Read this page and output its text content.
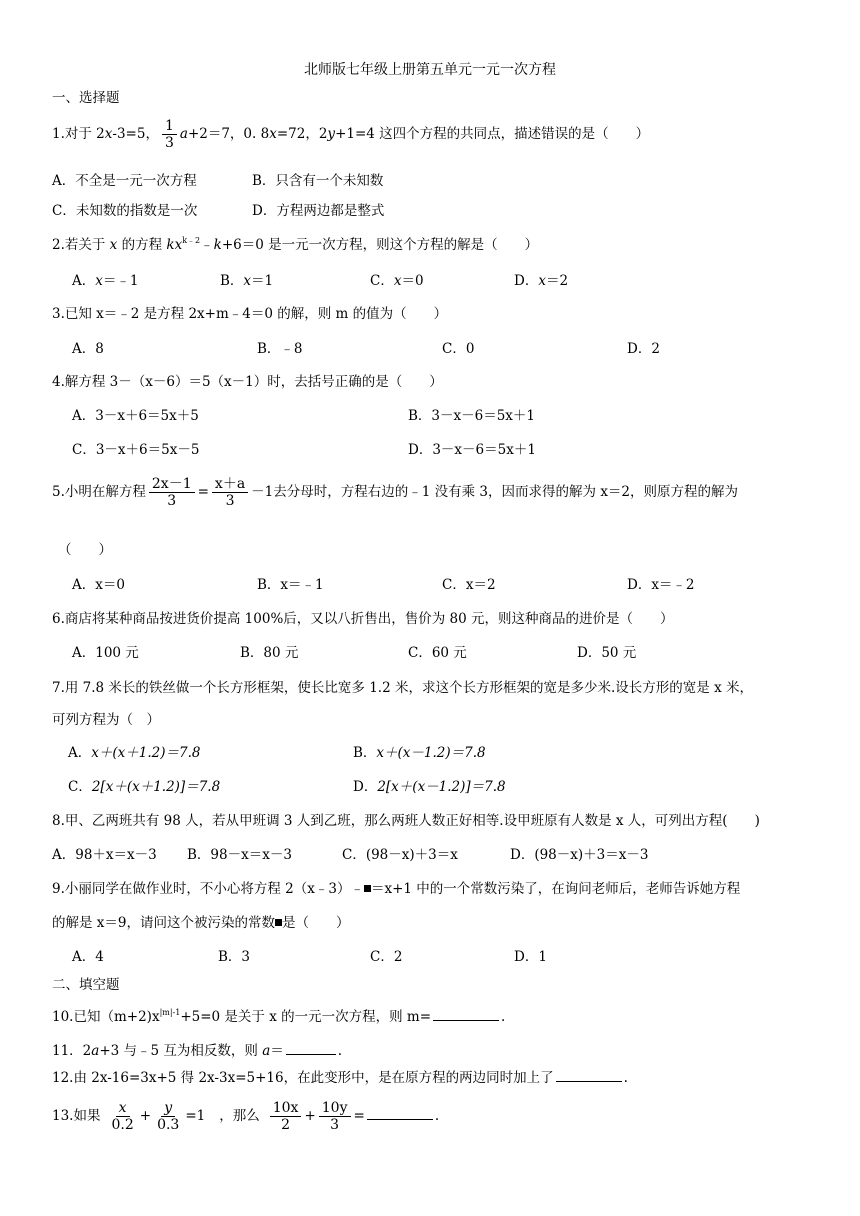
北师版七年级上册第五单元一元一次方程
一、选择题
1.对于 2x-3=5， $\frac{1}{3} a+2=7$，0. 8x=72，2y+1=4 这四个方程的共同点，描述错误的是（　　）
A．不全是一元一次方程	B．只含有一个未知数
C．未知数的指数是一次	D．方程两边都是整式
2.若关于 x 的方程 $kx^{k﹣2}﹣k+6=0$ 是一元一次方程，则这个方程的解是（　　）
A．x＝﹣1	B．x＝1	C．x＝0	D．x＝2
3.已知 x＝﹣2 是方程 2x+m﹣4＝0 的解，则 m 的值为（　　）
A．8	B．﹣8	C．0	D．2
4.解方程 3－（x－6）＝5（x－1）时，去括号正确的是（　　）
A．3－x＋6＝5x＋5	B．3－x－6＝5x＋1
C．3－x＋6＝5x－5	D．3－x－6＝5x＋1
5.小明在解方程 $\frac{2x-1}{3} = \frac{x+a}{3} -1$去分母时，方程右边的﹣1 没有乘 3，因而求得的解为 x＝2，则原方程的解为
（　　）
A．x＝0	B．x＝﹣1	C．x＝2	D．x＝﹣2
6.商店将某种商品按进货价提高 100%后，又以八折售出，售价为 80 元，则这种商品的进价是（　　）
A．100 元	B．80 元	C．60 元	D．50 元
7.用 7.8 米长的铁丝做一个长方形框架，使长比宽多 1.2 米，求这个长方形框架的宽是多少米.设长方形的宽是 x 米，
可列方程为（　）
A．x＋(x＋1.2)＝7.8	B．x＋(x－1.2)＝7.8
C．2[x＋(x＋1.2)]＝7.8	D．2[x＋(x－1.2)]＝7.8
8.甲、乙两班共有 98 人，若从甲班调 3 人到乙班，那么两班人数正好相等.设甲班原有人数是 x 人，可列出方程(　　)
A．98＋x＝x－3 B．98－x＝x－3	C．(98－x)＋3＝x	D．(98－x)＋3＝x－3
9.小丽同学在做作业时，不小心将方程 2（x﹣3）﹣ ＝x+1 中的一个常数污染了，在询问老师后，老师告诉她方程
的解是 x＝9，请问这个被污染的常数 是（　　）
A．4	B．3	C．2	D．1
二、填空题
10.已知$(m+2)x^{|m|-1}+5=0$ 是关于 x 的一元一次方程，则 m=	.
11．2a+3 与﹣5 互为相反数，则 a＝	.
12.由 2x-16=3x+5 得 2x-3x=5+16，在此变形中，是在原方程的两边同时加上了	.
13.如果 $\frac{x}{0.2} + \frac{y}{0.3} =1$ ，那么 $\frac{10x}{2} + \frac{10y}{3}$ =	.
